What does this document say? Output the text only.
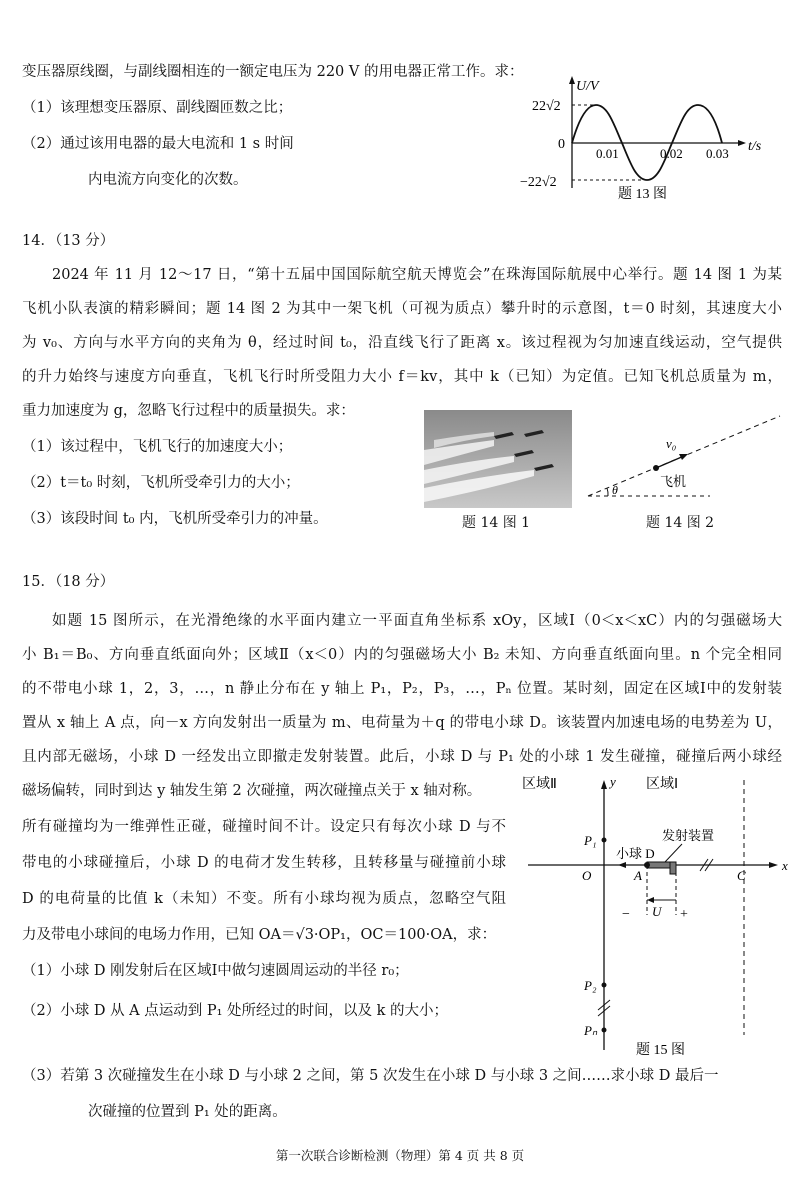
变压器原线圈，与副线圈相连的一额定电压为 220 V 的用电器正常工作。求：
（1）该理想变压器原、副线圈匝数之比；
（2）通过该用电器的最大电流和 1 s 时间
内电流方向变化的次数。
U/V
22√2
−22√2
0
0.01	0.02 0.03 t/s
题 13 图
14．（13 分）
2024 年 11 月 12～17 日，“第十五届中国国际航空航天博览会”在珠海国际航展中心举行。题 14 图 1 为某
飞机小队表演的精彩瞬间；题 14 图 2 为其中一架飞机（可视为质点）攀升时的示意图，t＝0 时刻，其速度大小
为 v₀、方向与水平方向的夹角为 θ，经过时间 t₀，沿直线飞行了距离 x。该过程视为匀加速直线运动，空气提供
的升力始终与速度方向垂直，飞机飞行时所受阻力大小 f＝kv，其中 k（已知）为定值。已知飞机总质量为 m，
重力加速度为 g，忽略飞行过程中的质量损失。求：
（1）该过程中，飞机飞行的加速度大小；
（2）t＝t₀ 时刻，飞机所受牵引力的大小；
（3）该段时间 t₀ 内，飞机所受牵引力的冲量。	题 14 图 1
v₀
飞机
θ
题 14 图 2
15．（18 分）
如题 15 图所示，在光滑绝缘的水平面内建立一平面直角坐标系 xOy，区域Ⅰ（0＜x＜xC）内的匀强磁场大
小 B₁＝B₀、方向垂直纸面向外；区域Ⅱ（x＜0）内的匀强磁场大小 B₂ 未知、方向垂直纸面向里。n 个完全相同
的不带电小球 1，2，3，…，n 静止分布在 y 轴上 P₁，P₂，P₃，…，Pₙ 位置。某时刻，固定在区域Ⅰ中的发射装
置从 x 轴上 A 点，向－x 方向发射出一质量为 m、电荷量为＋q 的带电小球 D。该装置内加速电场的电势差为 U，
且内部无磁场，小球 D 一经发出立即撤走发射装置。此后，小球 D 与 P₁ 处的小球 1 发生碰撞，碰撞后两小球经
磁场偏转，同时到达 y 轴发生第 2 次碰撞，两次碰撞点关于 x 轴对称。
所有碰撞均为一维弹性正碰，碰撞时间不计。设定只有每次小球 D 与不
带电的小球碰撞后，小球 D 的电荷才发生转移，且转移量与碰撞前小球
D 的电荷量的比值 k（未知）不变。所有小球均视为质点，忽略空气阻
力及带电小球间的电场力作用，已知 OA＝√3·OP₁，OC＝100·OA，求：
（1）小球 D 刚发射后在区域Ⅰ中做匀速圆周运动的半径 r₀；
（2）小球 D 从 A 点运动到 P₁ 处所经过的时间，以及 k 的大小；
（3）若第 3 次碰撞发生在小球 D 与小球 2 之间，第 5 次发生在小球 D 与小球 3 之间……求小球 D 最后一
次碰撞的位置到 P₁ 处的距离。
区域Ⅱ	区域Ⅰ
y
x
P₁
P₂
Pₙ
O	A	C
小球 D
发射装置
U
−	+
题 15 图
第一次联合诊断检测（物理）第 4 页 共 8 页
